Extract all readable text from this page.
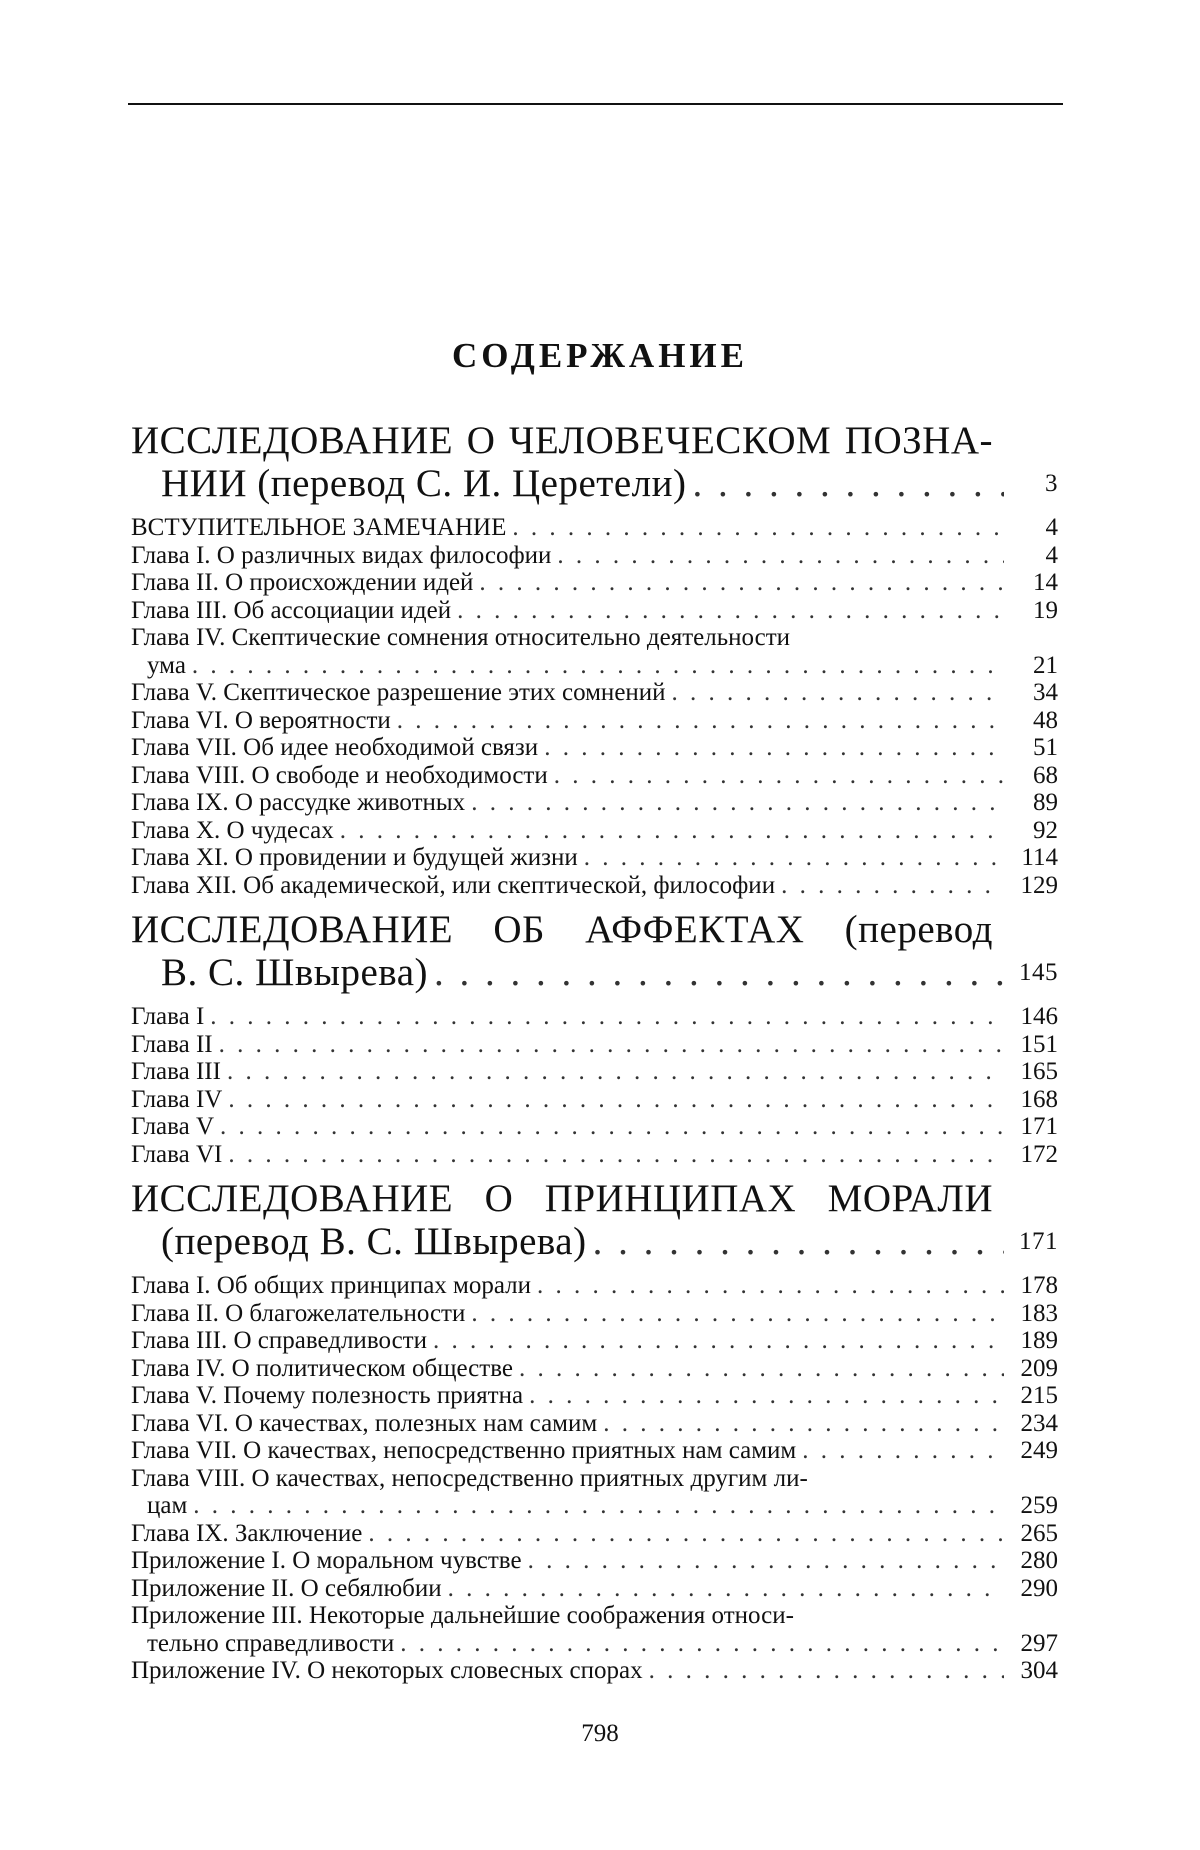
СОДЕРЖАНИЕ
ИССЛЕДОВАНИЕ О ЧЕЛОВЕЧЕСКОМ ПОЗНА-
НИИ (перевод С. И. Церетели) . . .	3
ВСТУПИТЕЛЬНОЕ ЗАМЕЧАНИЕ . . .	4
Глава I. О различных видах философии . . .	4
Глава II. О происхождении идей . . .	14
Глава III. Об ассоциации идей . . .	19
Глава IV. Скептические сомнения относительно деятельности
ума . . .	21
Глава V. Скептическое разрешение этих сомнений . . .	34
Глава VI. О вероятности . . .	48
Глава VII. Об идее необходимой связи . . .	51
Глава VIII. О свободе и необходимости . . .	68
Глава IX. О рассудке животных . . .	89
Глава X. О чудесах . . .	92
Глава XI. О провидении и будущей жизни . . .	114
Глава XII. Об академической, или скептической, философии . . .	129
ИССЛЕДОВАНИЕ ОБ АФФЕКТАХ (перевод
В. С. Швырева) . . .	145
Глава I . . .	146
Глава II . . .	151
Глава III . . .	165
Глава IV . . .	168
Глава V . . .	171
Глава VI . . .	172
ИССЛЕДОВАНИЕ О ПРИНЦИПАХ МОРАЛИ
(перевод В. С. Швырева) . . .	171
Глава I. Об общих принципах морали . . .	178
Глава II. О благожелательности . . .	183
Глава III. О справедливости . . .	189
Глава IV. О политическом обществе . . .	209
Глава V. Почему полезность приятна . . .	215
Глава VI. О качествах, полезных нам самим . . .	234
Глава VII. О качествах, непосредственно приятных нам самим . . .	249
Глава VIII. О качествах, непосредственно приятных другим ли-
цам . . .	259
Глава IX. Заключение . . .	265
Приложение I. О моральном чувстве . . .	280
Приложение II. О себялюбии . . .	290
Приложение III. Некоторые дальнейшие соображения относи-
тельно справедливости . . .	297
Приложение IV. О некоторых словесных спорах . . .	304
798
